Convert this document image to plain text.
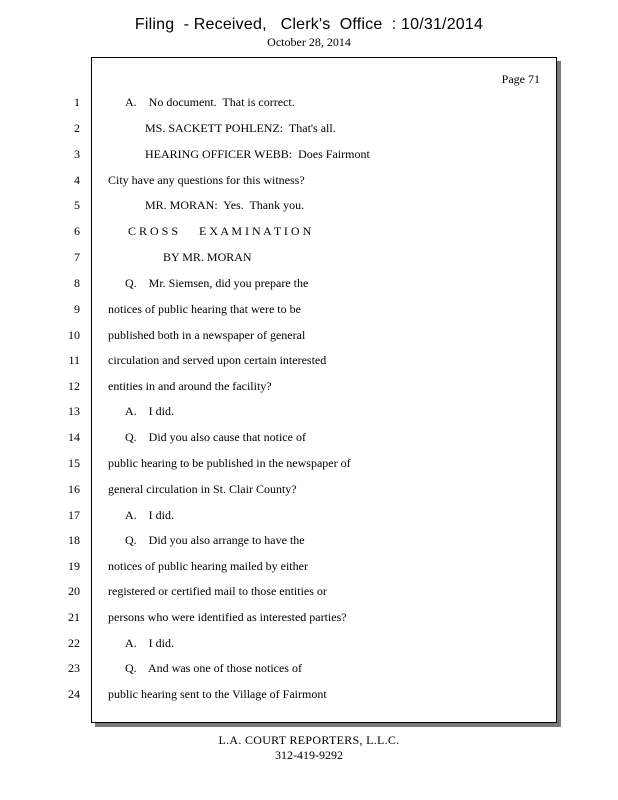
Filing  - Received,   Clerk's  Office  : 10/31/2014
October 28, 2014
Page 71
1	A.    No document.  That is correct.
2	MS. SACKETT POHLENZ:  That's all.
3	HEARING OFFICER WEBB:  Does Fairmont
4 City have any questions for this witness?
5	MR. MORAN:  Yes.  Thank you.
6	C R O S S       E X A M I N A T I O N
7	BY MR. MORAN
8	Q.    Mr. Siemsen, did you prepare the
9 notices of public hearing that were to be
10 published both in a newspaper of general
11 circulation and served upon certain interested
12 entities in and around the facility?
13	A.    I did.
14	Q.    Did you also cause that notice of
15 public hearing to be published in the newspaper of
16 general circulation in St. Clair County?
17	A.    I did.
18	Q.    Did you also arrange to have the
19 notices of public hearing mailed by either
20 registered or certified mail to those entities or
21 persons who were identified as interested parties?
22	A.    I did.
23	Q.    And was one of those notices of
24 public hearing sent to the Village of Fairmont
L.A. COURT REPORTERS, L.L.C.
312-419-9292
